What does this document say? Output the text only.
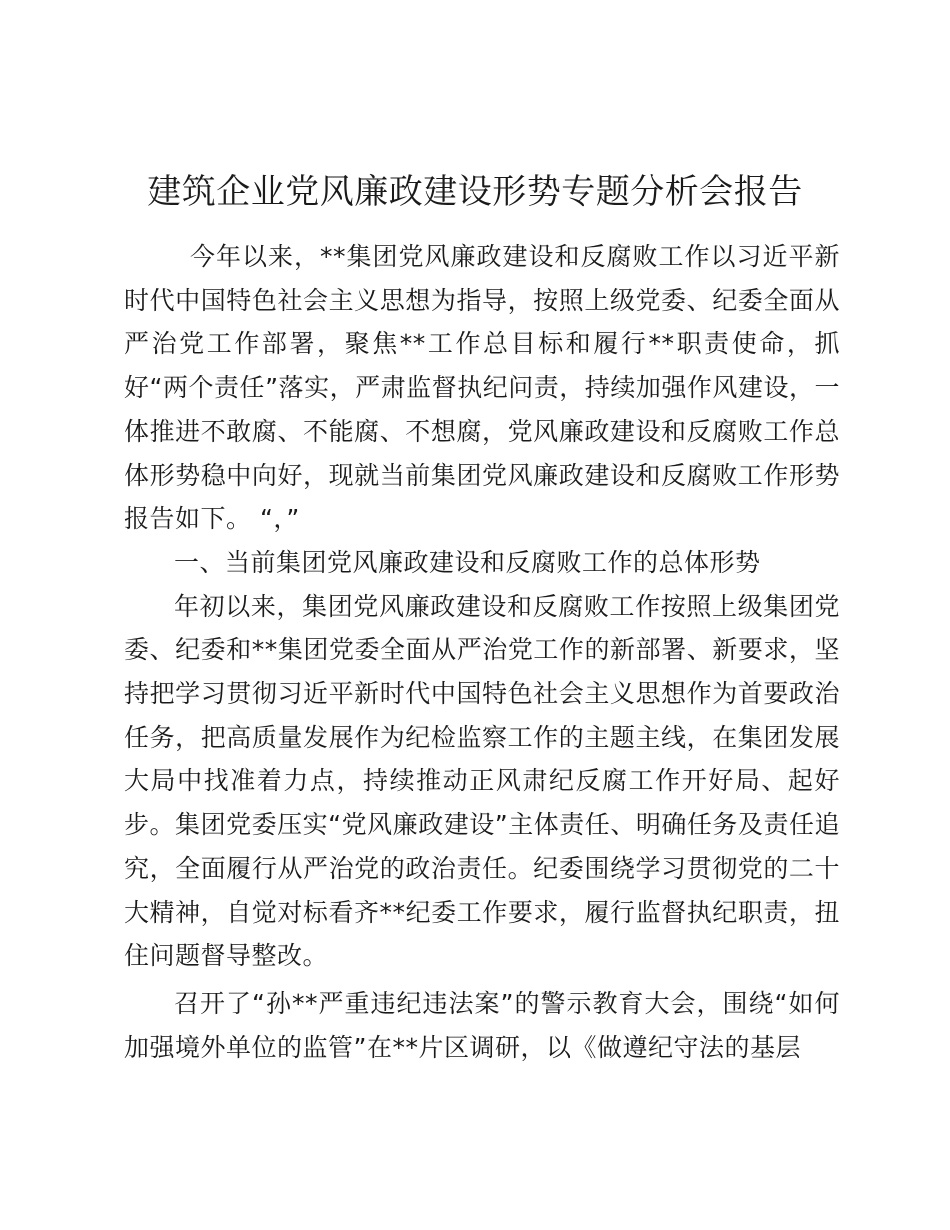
建筑企业党风廉政建设形势专题分析会报告

今年以来，**集团党风廉政建设和反腐败工作以习近平新时代中国特色社会主义思想为指导，按照上级党委、纪委全面从严治党工作部署，聚焦**工作总目标和履行**职责使命，抓好“两个责任”落实，严肃监督执纪问责，持续加强作风建设，一体推进不敢腐、不能腐、不想腐，党风廉政建设和反腐败工作总体形势稳中向好，现就当前集团党风廉政建设和反腐败工作形势报告如下。 “，”

一、当前集团党风廉政建设和反腐败工作的总体形势

年初以来，集团党风廉政建设和反腐败工作按照上级集团党委、纪委和**集团党委全面从严治党工作的新部署、新要求，坚持把学习贯彻习近平新时代中国特色社会主义思想作为首要政治任务，把高质量发展作为纪检监察工作的主题主线，在集团发展大局中找准着力点，持续推动正风肃纪反腐工作开好局、起好步。集团党委压实“党风廉政建设”主体责任、明确任务及责任追究，全面履行从严治党的政治责任。纪委围绕学习贯彻党的二十大精神，自觉对标看齐**纪委工作要求，履行监督执纪职责，扭住问题督导整改。

召开了“孙**严重违纪违法案”的警示教育大会，围绕“如何加强境外单位的监管”在**片区调研，以《做遵纪守法的基层
